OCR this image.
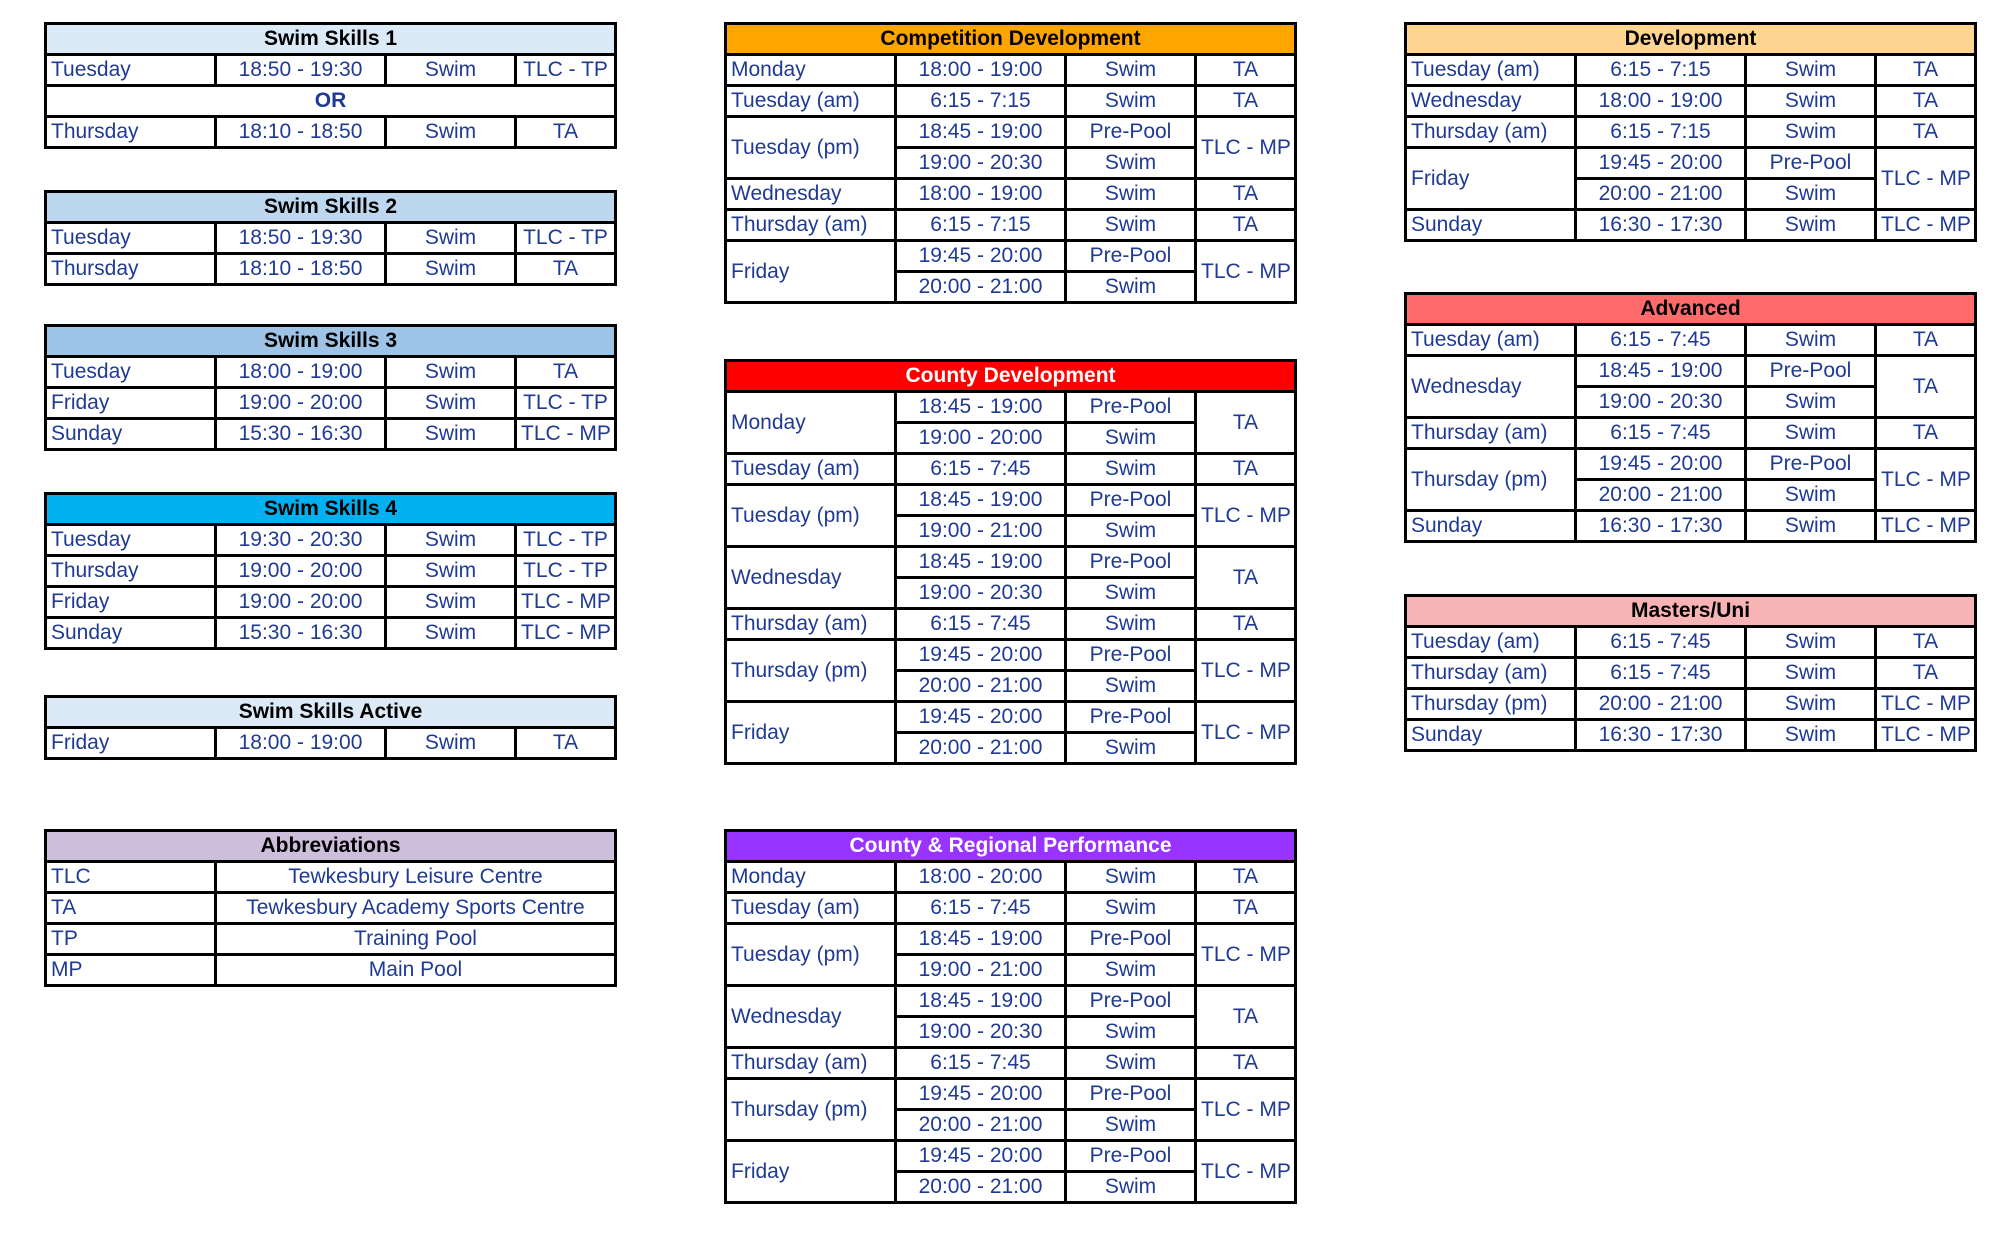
Swim Skills 1			
Tuesday	18:50 - 19:30	Swim	TLC - TP
OR			
Thursday	18:10 - 18:50	Swim	TA
Swim Skills 2			
Tuesday	18:50 - 19:30	Swim	TLC - TP
Thursday	18:10 - 18:50	Swim	TA
Swim Skills 3			
Tuesday	18:00 - 19:00	Swim	TA
Friday	19:00 - 20:00	Swim	TLC - TP
Sunday	15:30 - 16:30	Swim	TLC - MP
Swim Skills 4			
Tuesday	19:30 - 20:30	Swim	TLC - TP
Thursday	19:00 - 20:00	Swim	TLC - TP
Friday	19:00 - 20:00	Swim	TLC - MP
Sunday	15:30 - 16:30	Swim	TLC - MP
Swim Skills Active
Friday	18:00 - 19:00	Swim	TA
Abbreviations	
TLC	Tewkesbury Leisure Centre
TA	Tewkesbury Academy Sports Centre
TP	Training Pool
MP	Main Pool
Competition Development			
Monday	18:00 - 19:00	Swim	TA
Tuesday (am)	6:15 - 7:15	Swim	TA
Tuesday (pm)	18:45 - 19:00	Pre-Pool	TLC - MP
	19:00 - 20:30	Swim	
Wednesday	18:00 - 19:00	Swim	TA
Thursday (am)	6:15 - 7:15	Swim	TA
Friday	19:45 - 20:00	Pre-Pool	TLC - MP
	20:00 - 21:00	Swim	
County Development			
Monday	18:45 - 19:00	Pre-Pool	TA
	19:00 - 20:00	Swim	
Tuesday (am)	6:15 - 7:45	Swim	TA
Tuesday (pm)	18:45 - 19:00	Pre-Pool	TLC - MP
	19:00 - 21:00	Swim	
Wednesday	18:45 - 19:00	Pre-Pool	TA
	19:00 - 20:30	Swim	
Thursday (am)	6:15 - 7:45	Swim	TA
Thursday (pm)	19:45 - 20:00	Pre-Pool	TLC - MP
	20:00 - 21:00	Swim	
Friday	19:45 - 20:00	Pre-Pool	TLC - MP
	20:00 - 21:00	Swim	
County & Regional Performance			
Monday	18:00 - 20:00	Swim	TA
Tuesday (am)	6:15 - 7:45	Swim	TA
Tuesday (pm)	18:45 - 19:00	Pre-Pool	TLC - MP
	19:00 - 21:00	Swim	
Wednesday	18:45 - 19:00	Pre-Pool	TA
	19:00 - 20:30	Swim	
Thursday (am)	6:15 - 7:45	Swim	TA
Thursday (pm)	19:45 - 20:00	Pre-Pool	TLC - MP
	20:00 - 21:00	Swim	
Friday	19:45 - 20:00	Pre-Pool	TLC - MP
	20:00 - 21:00	Swim	
Development			
Tuesday (am)	6:15 - 7:15	Swim	TA
Wednesday	18:00 - 19:00	Swim	TA
Thursday (am)	6:15 - 7:15	Swim	TA
Friday	19:45 - 20:00	Pre-Pool	TLC - MP
	20:00 - 21:00	Swim	
Sunday	16:30 - 17:30	Swim	TLC - MP
Advanced			
Tuesday (am)	6:15 - 7:45	Swim	TA
Wednesday	18:45 - 19:00	Pre-Pool	TA
	19:00 - 20:30	Swim	
Thursday (am)	6:15 - 7:45	Swim	TA
Thursday (pm)	19:45 - 20:00	Pre-Pool	TLC - MP
	20:00 - 21:00	Swim	
Sunday	16:30 - 17:30	Swim	TLC - MP
Masters/Uni			
Tuesday (am)	6:15 - 7:45	Swim	TA
Thursday (am)	6:15 - 7:45	Swim	TA
Thursday (pm)	20:00 - 21:00	Swim	TLC - MP
Sunday	16:30 - 17:30	Swim	TLC - MP
